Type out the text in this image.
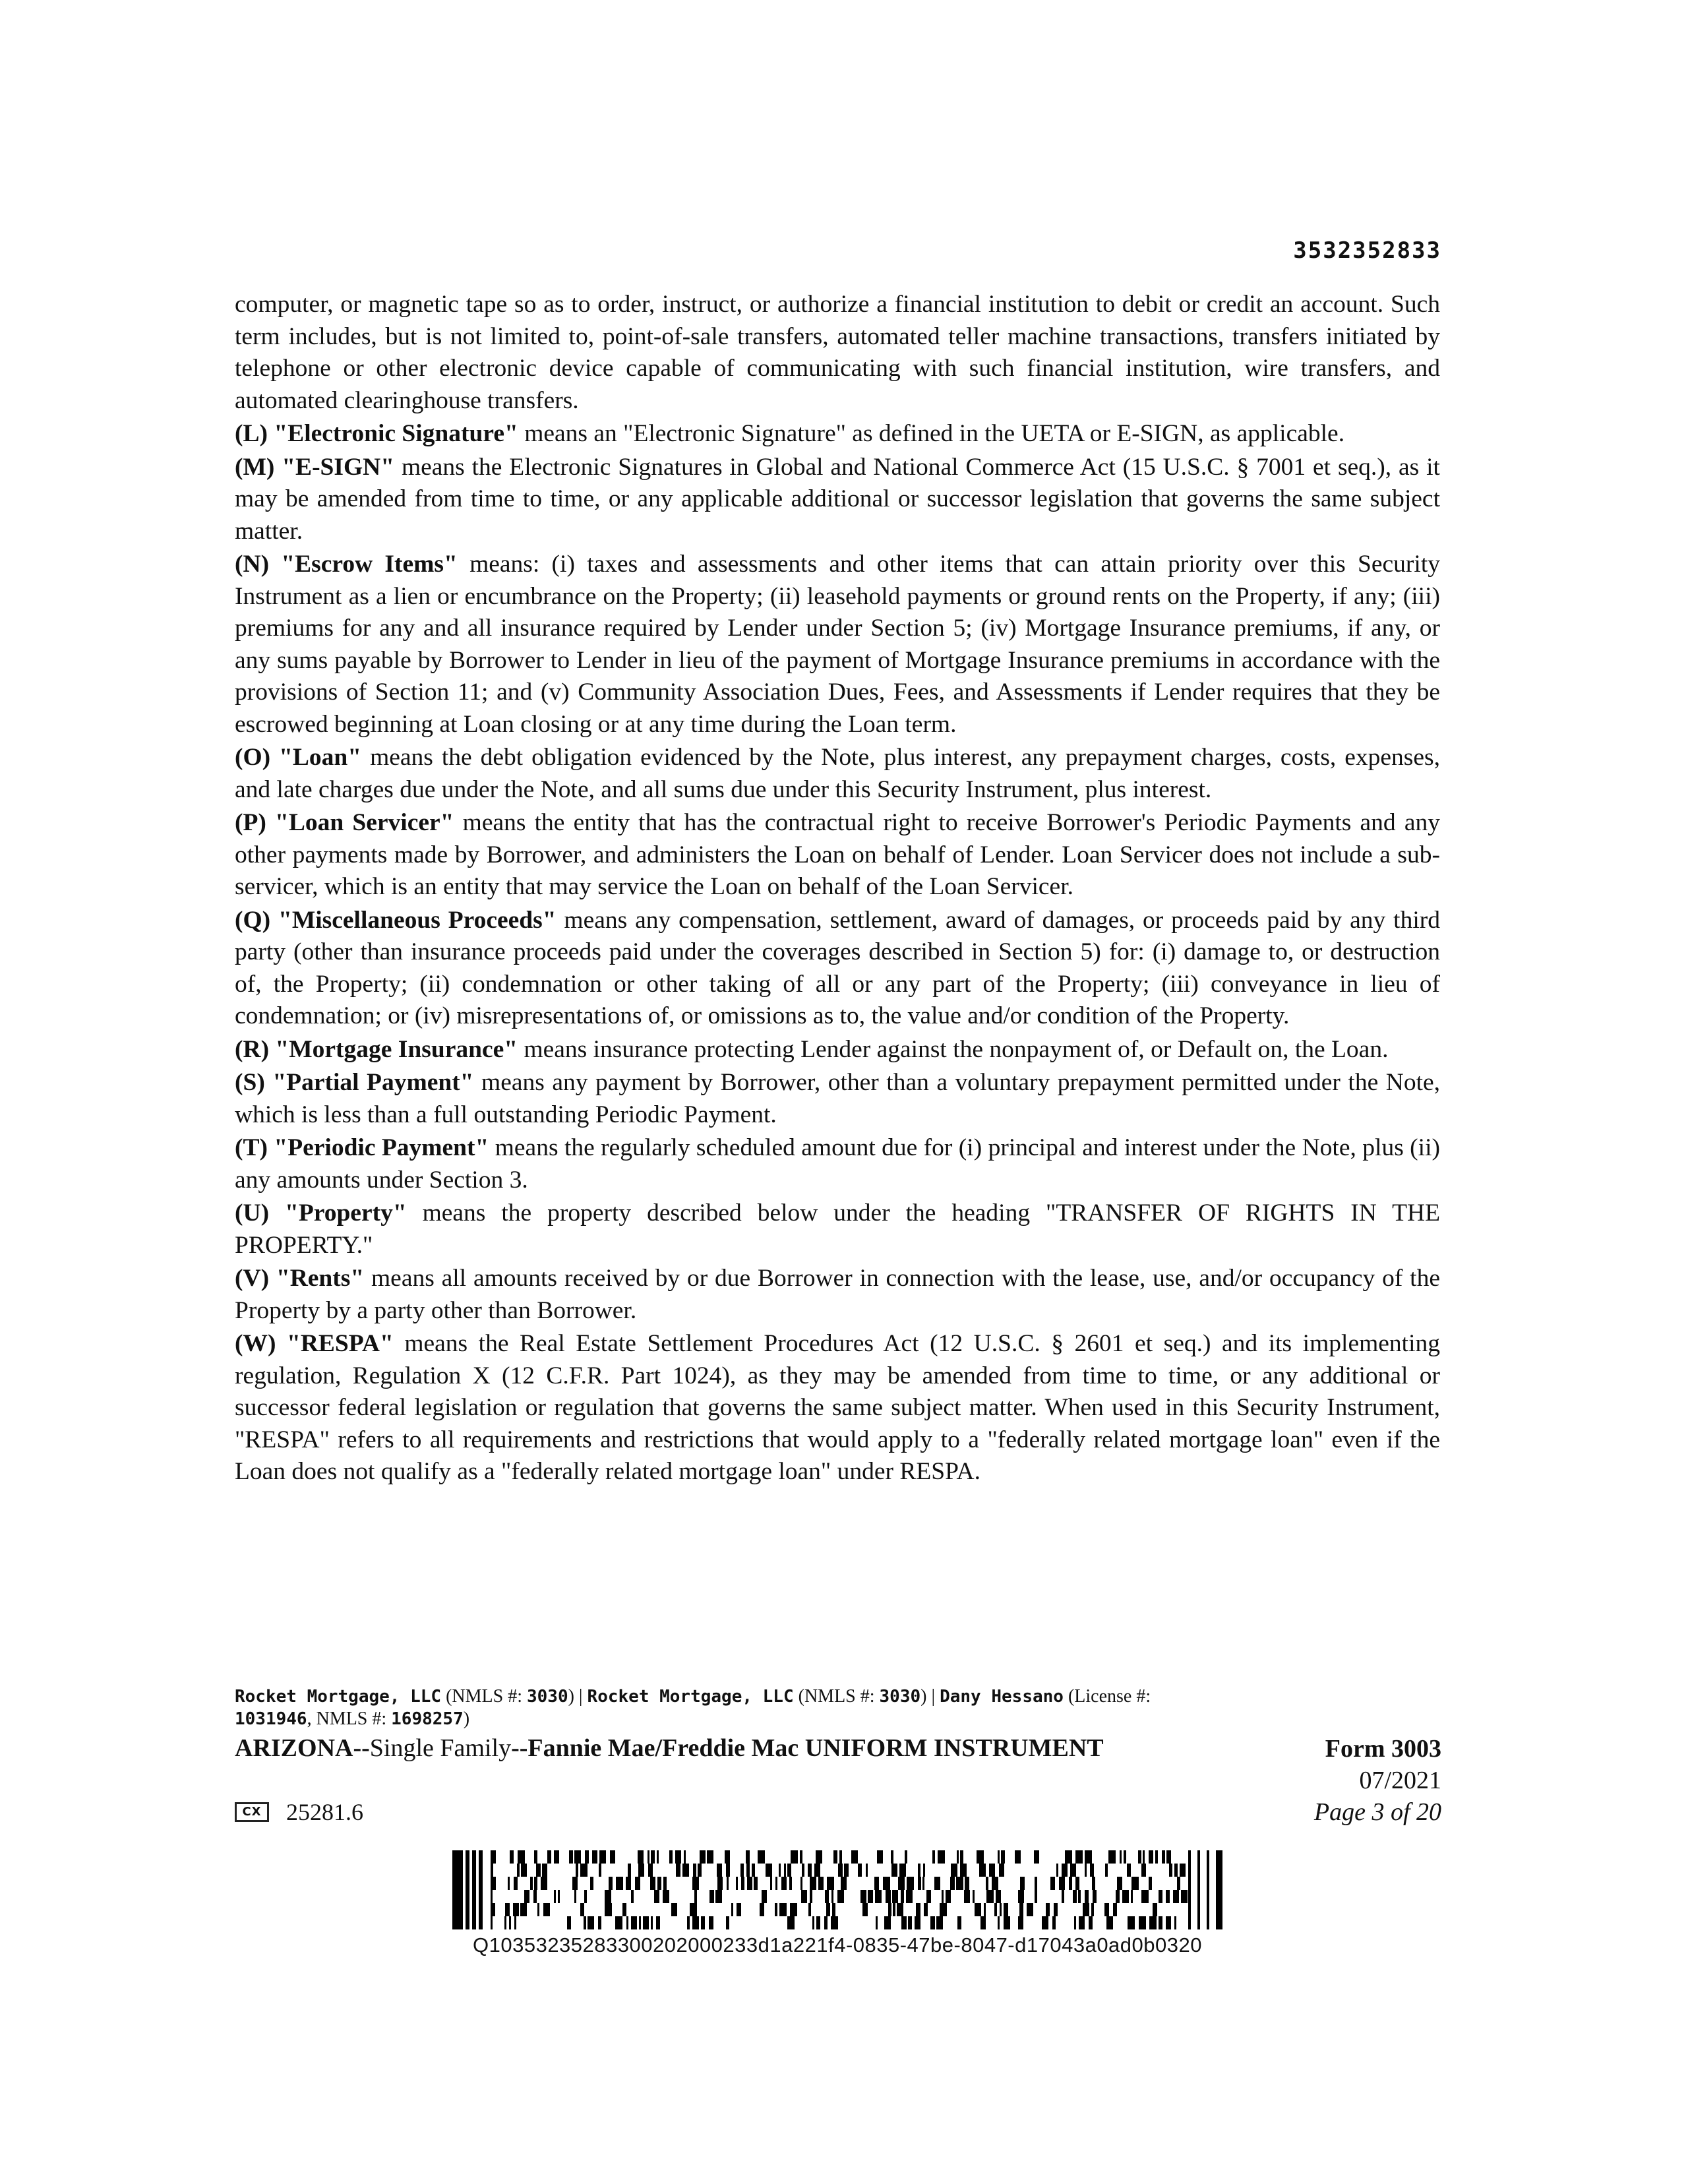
3532352833

computer, or magnetic tape so as to order, instruct, or authorize a financial institution to debit or credit an account. Such term includes, but is not limited to, point-of-sale transfers, automated teller machine transactions, transfers initiated by telephone or other electronic device capable of communicating with such financial institution, wire transfers, and automated clearinghouse transfers.

(L) "Electronic Signature" means an "Electronic Signature" as defined in the UETA or E-SIGN, as applicable.

(M) "E-SIGN" means the Electronic Signatures in Global and National Commerce Act (15 U.S.C. § 7001 et seq.), as it may be amended from time to time, or any applicable additional or successor legislation that governs the same subject matter.

(N) "Escrow Items" means: (i) taxes and assessments and other items that can attain priority over this Security Instrument as a lien or encumbrance on the Property; (ii) leasehold payments or ground rents on the Property, if any; (iii) premiums for any and all insurance required by Lender under Section 5; (iv) Mortgage Insurance premiums, if any, or any sums payable by Borrower to Lender in lieu of the payment of Mortgage Insurance premiums in accordance with the provisions of Section 11; and (v) Community Association Dues, Fees, and Assessments if Lender requires that they be escrowed beginning at Loan closing or at any time during the Loan term.

(O) "Loan" means the debt obligation evidenced by the Note, plus interest, any prepayment charges, costs, expenses, and late charges due under the Note, and all sums due under this Security Instrument, plus interest.

(P) "Loan Servicer" means the entity that has the contractual right to receive Borrower's Periodic Payments and any other payments made by Borrower, and administers the Loan on behalf of Lender. Loan Servicer does not include a sub-servicer, which is an entity that may service the Loan on behalf of the Loan Servicer.

(Q) "Miscellaneous Proceeds" means any compensation, settlement, award of damages, or proceeds paid by any third party (other than insurance proceeds paid under the coverages described in Section 5) for: (i) damage to, or destruction of, the Property; (ii) condemnation or other taking of all or any part of the Property; (iii) conveyance in lieu of condemnation; or (iv) misrepresentations of, or omissions as to, the value and/or condition of the Property.

(R) "Mortgage Insurance" means insurance protecting Lender against the nonpayment of, or Default on, the Loan.

(S) "Partial Payment" means any payment by Borrower, other than a voluntary prepayment permitted under the Note, which is less than a full outstanding Periodic Payment.

(T) "Periodic Payment" means the regularly scheduled amount due for (i) principal and interest under the Note, plus (ii) any amounts under Section 3.

(U) "Property" means the property described below under the heading "TRANSFER OF RIGHTS IN THE PROPERTY."

(V) "Rents" means all amounts received by or due Borrower in connection with the lease, use, and/or occupancy of the Property by a party other than Borrower.

(W) "RESPA" means the Real Estate Settlement Procedures Act (12 U.S.C. § 2601 et seq.) and its implementing regulation, Regulation X (12 C.F.R. Part 1024), as they may be amended from time to time, or any additional or successor federal legislation or regulation that governs the same subject matter. When used in this Security Instrument, "RESPA" refers to all requirements and restrictions that would apply to a "federally related mortgage loan" even if the Loan does not qualify as a "federally related mortgage loan" under RESPA.

Rocket Mortgage, LLC (NMLS #: 3030) | Rocket Mortgage, LLC (NMLS #: 3030) | Dany Hessano (License #:
1031946, NMLS #: 1698257)
ARIZONA--Single Family--Fannie Mae/Freddie Mac UNIFORM INSTRUMENT	Form 3003
07/2021
Page 3 of 20
CX	25281.6
Q10353235283300202000233d1a221f4-0835-47be-8047-d17043a0ad0b0320
